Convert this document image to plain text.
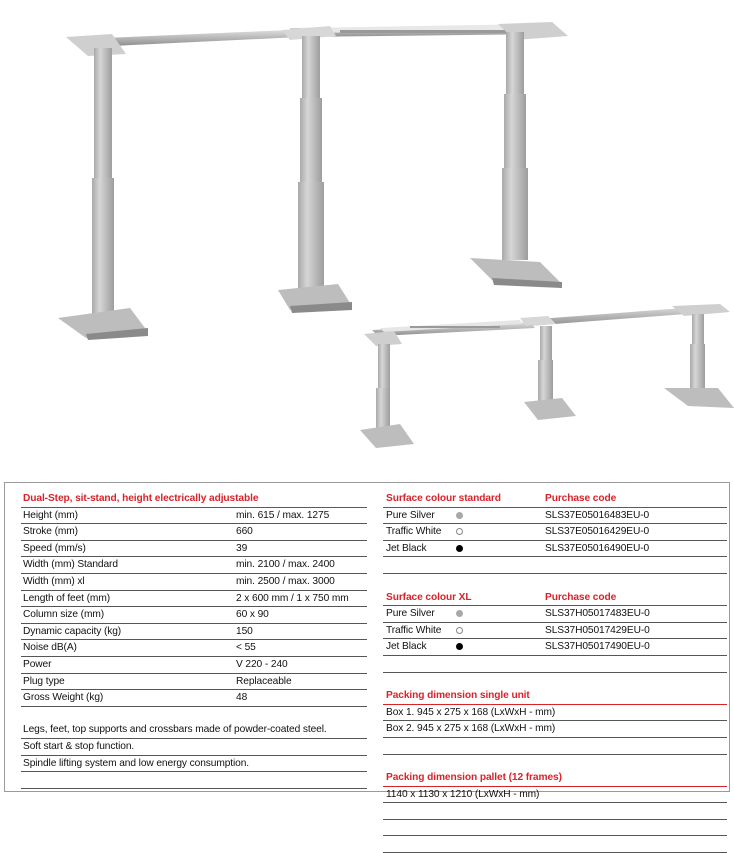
Dual-Step, sit-stand, height electrically adjustable
Height (mm)	min. 615 / max. 1275
Stroke (mm)	660
Speed (mm/s)	39
Width (mm) Standard	min. 2100 / max. 2400
Width (mm) xl	min. 2500 / max. 3000
Length of feet (mm)	2 x 600 mm / 1 x 750 mm
Column size (mm)	60 x 90
Dynamic capacity (kg)	150
Noise dB(A)	< 55
Power	V 220 - 240
Plug type	Replaceable
Gross Weight (kg)	48
Legs, feet, top supports and crossbars made of powder-coated steel.
Soft start & stop function.
Spindle lifting system and low energy consumption.
Surface colour standard	Purchase code
Pure Silver	SLS37E05016483EU-0
Traffic White	SLS37E05016429EU-0
Jet Black	SLS37E05016490EU-0
Surface colour XL	Purchase code
Pure Silver	SLS37H05017483EU-0
Traffic White	SLS37H05017429EU-0
Jet Black	SLS37H05017490EU-0
Packing dimension single unit
Box 1. 945 x 275 x 168 (LxWxH - mm)
Box 2. 945 x 275 x 168 (LxWxH - mm)
Packing dimension pallet (12 frames)
1140 x 1130 x 1210 (LxWxH - mm)
